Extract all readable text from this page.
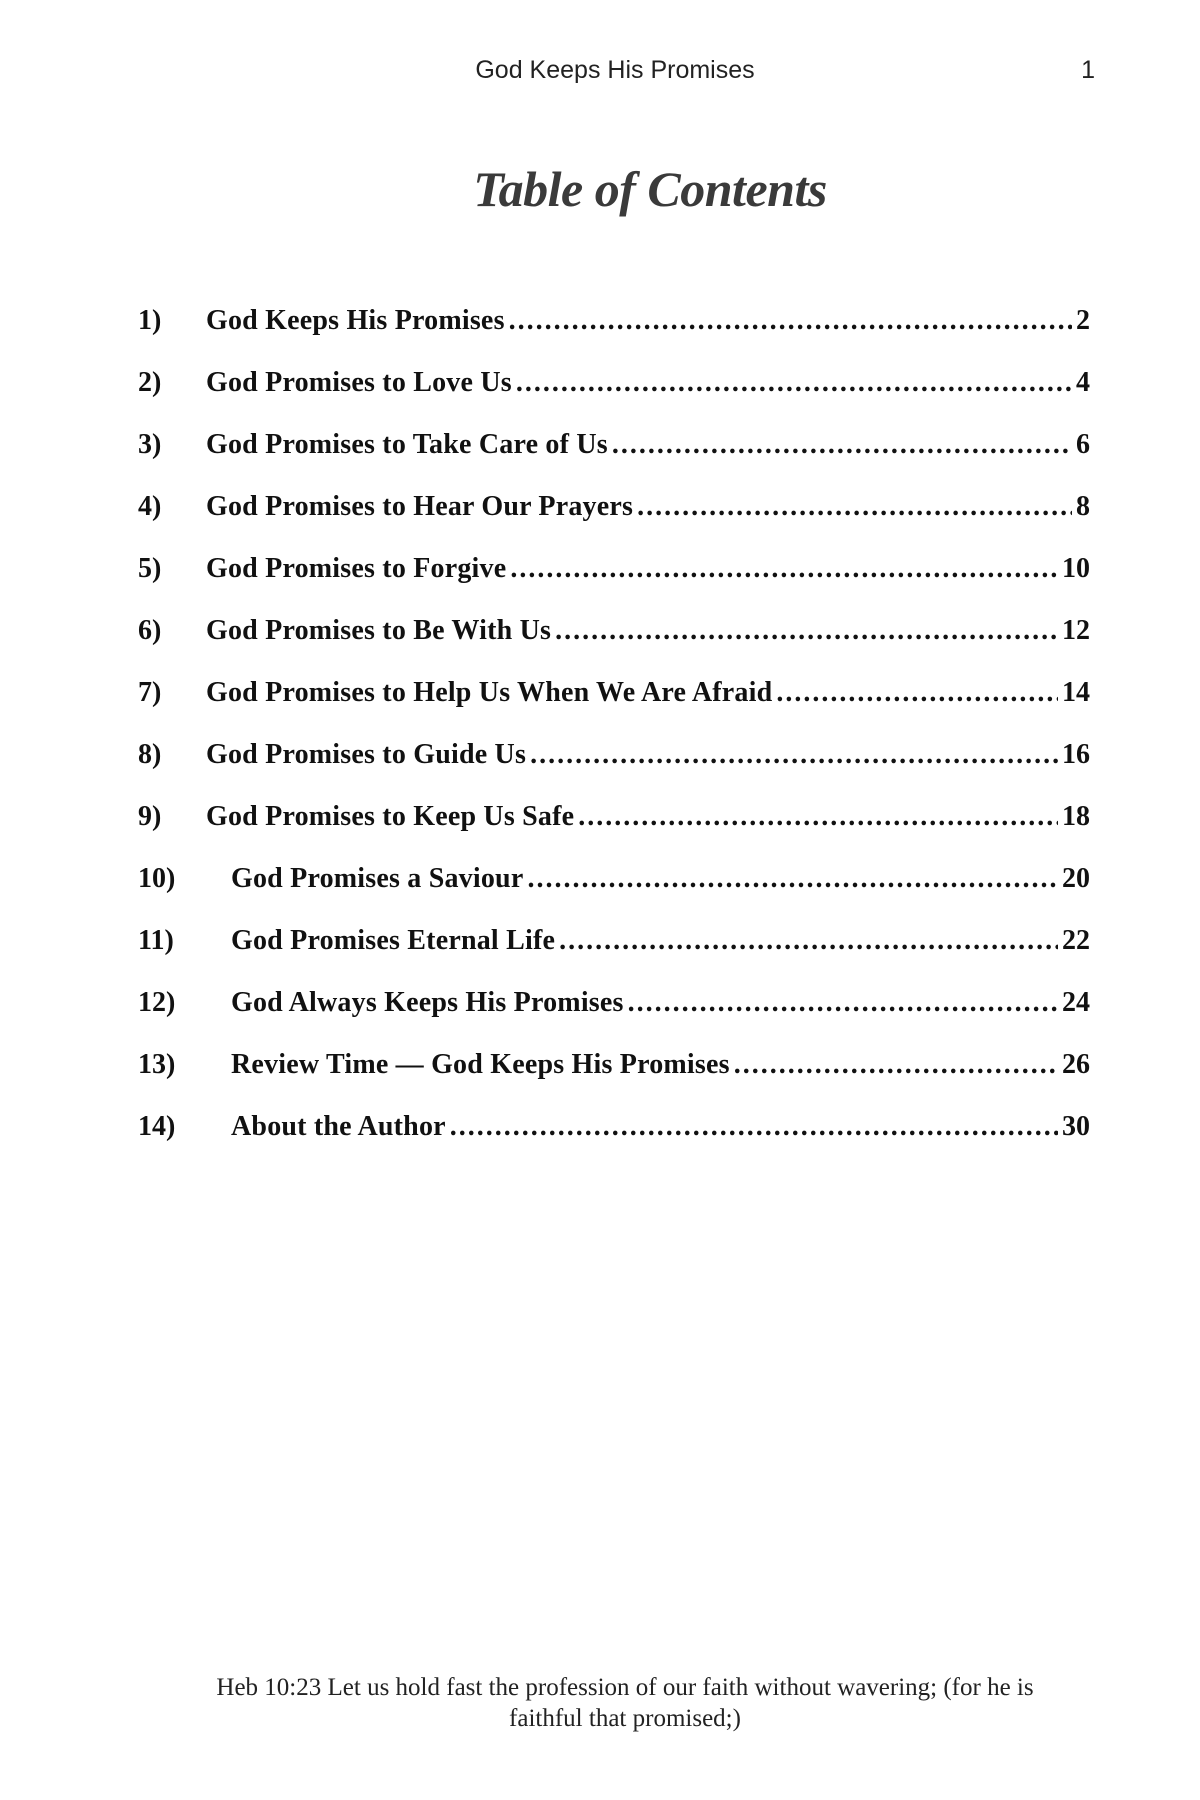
God Keeps His Promises	1
Table of Contents
1)	God Keeps His Promises .....	2
2)	God Promises to Love Us .....	4
3)	God Promises to Take Care of Us .....	6
4)	God Promises to Hear Our Prayers .....	8
5)	God Promises to Forgive .....	10
6)	God Promises to Be With Us .....	12
7)	God Promises to Help Us When We Are Afraid .....	14
8)	God Promises to Guide Us .....	16
9)	God Promises to Keep Us Safe .....	18
10)	God Promises a Saviour .....	20
11)	God Promises Eternal Life .....	22
12)	God Always Keeps His Promises .....	24
13)	Review Time — God Keeps His Promises .....	26
14)	About the Author .....	30
Heb 10:23 Let us hold fast the profession of our faith without wavering; (for he is faithful that promised;)
